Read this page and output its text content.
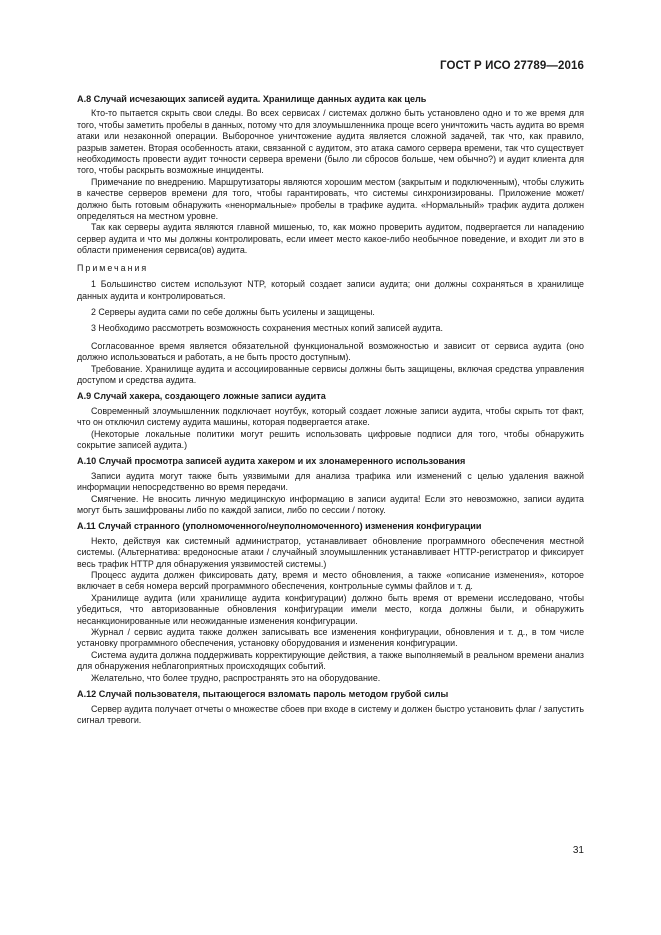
ГОСТ Р ИСО 27789—2016
А.8 Случай исчезающих записей аудита. Хранилище данных аудита как цель

Кто-то пытается скрыть свои следы. Во всех сервисах / системах должно быть установлено одно и то же время для того, чтобы заметить пробелы в данных, потому что для злоумышленника проще всего уничтожить часть аудита во время атаки или незаконной операции. Выборочное уничтожение аудита является сложной задачей, так что, как правило, разрыв заметен. Вторая особенность атаки, связанной с аудитом, это атака самого сервера времени, так что существует необходимость провести аудит точности сервера времени (было ли сбросов больше, чем обычно?) и аудит клиента для того, чтобы раскрыть возможные инциденты.

Примечание по внедрению. Маршрутизаторы являются хорошим местом (закрытым и подключенным), чтобы служить в качестве серверов времени для того, чтобы гарантировать, что системы синхронизированы. Приложение может/ должно быть готовым обнаружить «ненормальные» пробелы в трафике аудита. «Нормальный» трафик аудита должен определяться на местном уровне.

Так как серверы аудита являются главной мишенью, то, как можно проверить аудитом, подвергается ли нападению сервер аудита и что мы должны контролировать, если имеет место какое-либо необычное поведение, и входит ли это в области применения сервиса(ов) аудита.

Примечания

1 Большинство систем используют NTP, который создает записи аудита; они должны сохраняться в хранилище данных аудита и контролироваться.

2 Серверы аудита сами по себе должны быть усилены и защищены.

3 Необходимо рассмотреть возможность сохранения местных копий записей аудита.

Согласованное время является обязательной функциональной возможностью и зависит от сервиса аудита (оно должно использоваться и работать, а не быть просто доступным).

Требование. Хранилище аудита и ассоциированные сервисы должны быть защищены, включая средства управления доступом и средства аудита.

А.9 Случай хакера, создающего ложные записи аудита

Современный злоумышленник подключает ноутбук, который создает ложные записи аудита, чтобы скрыть тот факт, что он отключил систему аудита машины, которая подвергается атаке.

(Некоторые локальные политики могут решить использовать цифровые подписи для того, чтобы обнаружить сокрытие записей аудита.)

А.10 Случай просмотра записей аудита хакером и их злонамеренного использования

Записи аудита могут также быть уязвимыми для анализа трафика или изменений с целью удаления важной информации непосредственно во время передачи.

Смягчение. Не вносить личную медицинскую информацию в записи аудита! Если это невозможно, записи аудита могут быть зашифрованы либо по каждой записи, либо по сессии / потоку.

А.11 Случай странного (уполномоченного/неуполномоченного) изменения конфигурации

Некто, действуя как системный администратор, устанавливает обновление программного обеспечения местной системы. (Альтернатива: вредоносные атаки / случайный злоумышленник устанавливает HTTP-регистратор и фиксирует весь трафик HTTP для обнаружения уязвимостей системы.)

Процесс аудита должен фиксировать дату, время и место обновления, а также «описание изменения», которое включает в себя номера версий программного обеспечения, контрольные суммы файлов и т. д.

Хранилище аудита (или хранилище аудита конфигурации) должно быть время от времени исследовано, чтобы убедиться, что авторизованные обновления конфигурации имели место, когда должны были, и обнаружить несанкционированные или неожиданные изменения конфигурации.

Журнал / сервис аудита также должен записывать все изменения конфигурации, обновления и т. д., в том числе установку программного обеспечения, установку оборудования и изменения конфигурации.

Система аудита должна поддерживать корректирующие действия, а также выполняемый в реальном времени анализ для обнаружения неблагоприятных происходящих событий.

Желательно, что более трудно, распространять это на оборудование.

А.12 Случай пользователя, пытающегося взломать пароль методом грубой силы

Сервер аудита получает отчеты о множестве сбоев при входе в систему и должен быстро установить флаг / запустить сигнал тревоги.

31
